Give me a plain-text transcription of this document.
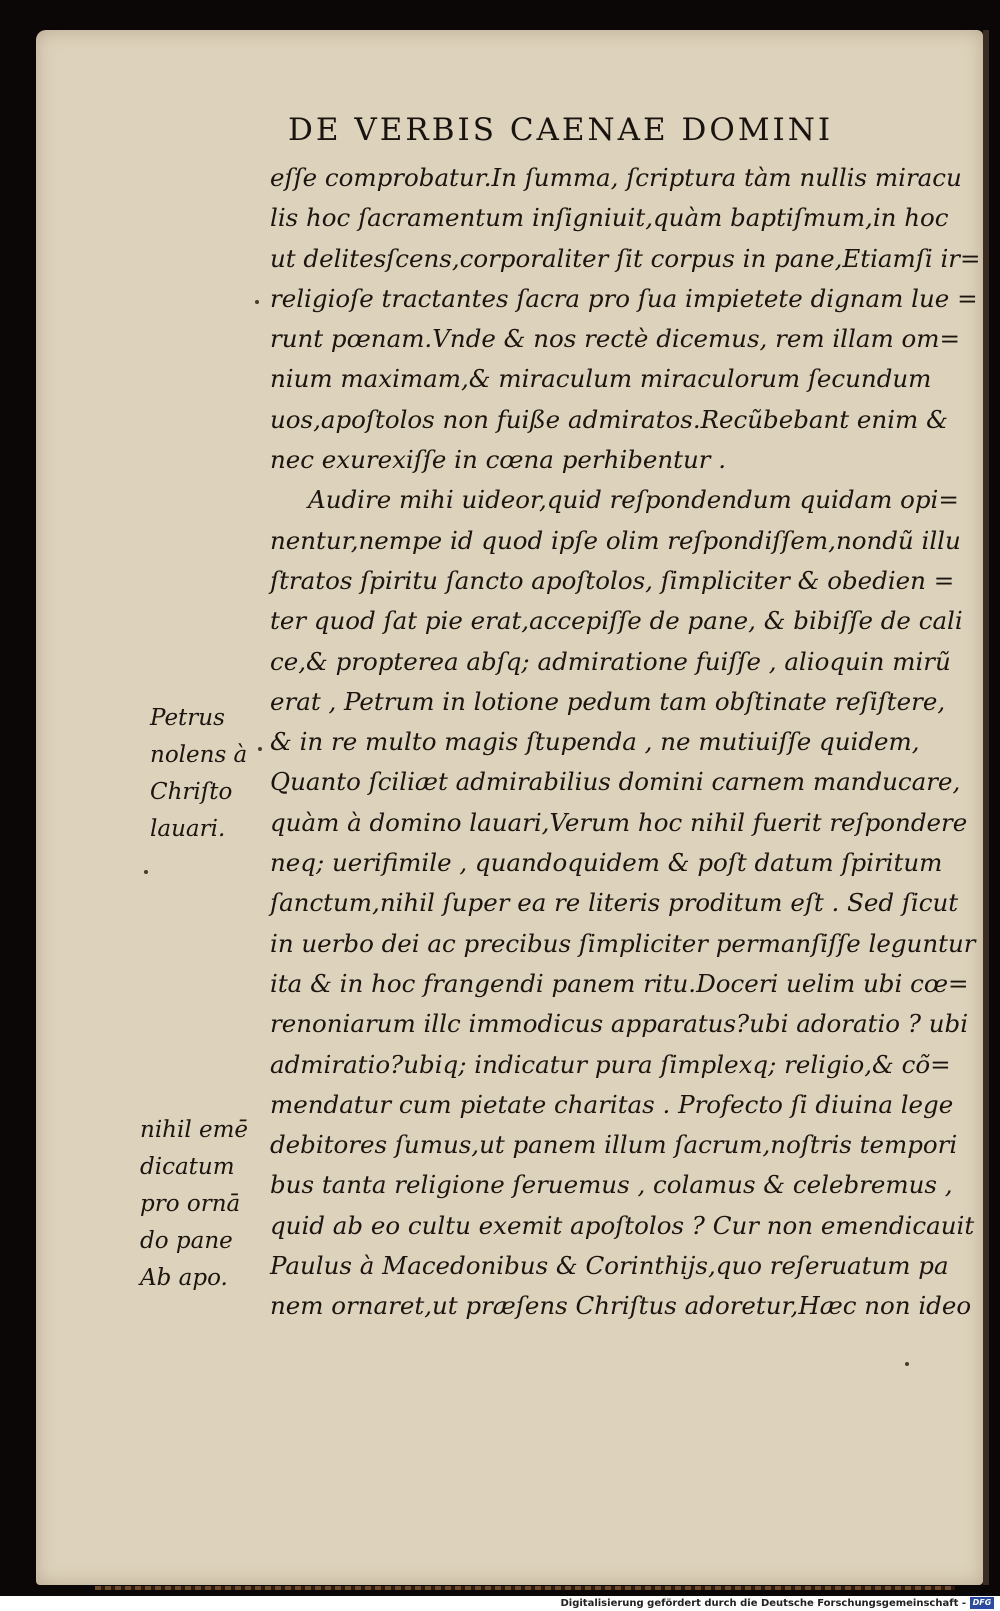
DE VERBIS CAENAE DOMINI
eſſe comprobatur.In ſumma, ſcriptura tàm nullis miracu
lis hoc ſacramentum inſigniuit,quàm baptiſmum,in hoc
ut delitesſcens,corporaliter ſit corpus in pane,Etiamſi ir=
religioſe tractantes ſacra pro ſua impietete dignam lue =
runt pœnam.Vnde & nos rectè dicemus, rem illam om=
nium maximam,& miraculum miraculorum ſecundum
uos,apoſtolos non fuiße admiratos.Recũbebant enim &
nec exurexiſſe in cœna perhibentur .
Audire mihi uideor,quid reſpondendum quidam opi=
nentur,nempe id quod ipſe olim reſpondiſſem,nondũ illu
ſtratos ſpiritu ſancto apoſtolos, ſimpliciter & obedien =
ter quod ſat pie erat,accepiſſe de pane, & bibiſſe de cali
ce,& propterea abſq; admiratione fuiſſe , alioquin mirũ
erat , Petrum in lotione pedum tam obſtinate reſiſtere,
& in re multo magis ſtupenda , ne mutiuiſſe quidem,
Quanto ſciliæt admirabilius domini carnem manducare,
quàm à domino lauari,Verum hoc nihil fuerit reſpondere
neq; uerifimile , quandoquidem & poſt datum ſpiritum
ſanctum,nihil ſuper ea re literis proditum eſt . Sed ſicut
in uerbo dei ac precibus ſimpliciter permanſiſſe leguntur
ita & in hoc frangendi panem ritu.Doceri uelim ubi cœ=
renoniarum illc immodicus apparatus?ubi adoratio ? ubi
admiratio?ubiq; indicatur pura ſimplexq; religio,& cõ=
mendatur cum pietate charitas . Profecto ſi diuina lege
debitores ſumus,ut panem illum ſacrum,noſtris tempori
bus tanta religione ſeruemus , colamus & celebremus ,
quid ab eo cultu exemit apoſtolos ? Cur non emendicauit
Paulus à Macedonibus & Corinthijs,quo reſeruatum pa
nem ornaret,ut præſens Chriſtus adoretur,Hæc non ideo
Petrus
nolens à
Chriſto
lauari.
nihil emē
dicatum
pro ornā
do pane
Ab apo.
Digitalisierung gefördert durch die Deutsche Forschungsgemeinschaft - DFG
